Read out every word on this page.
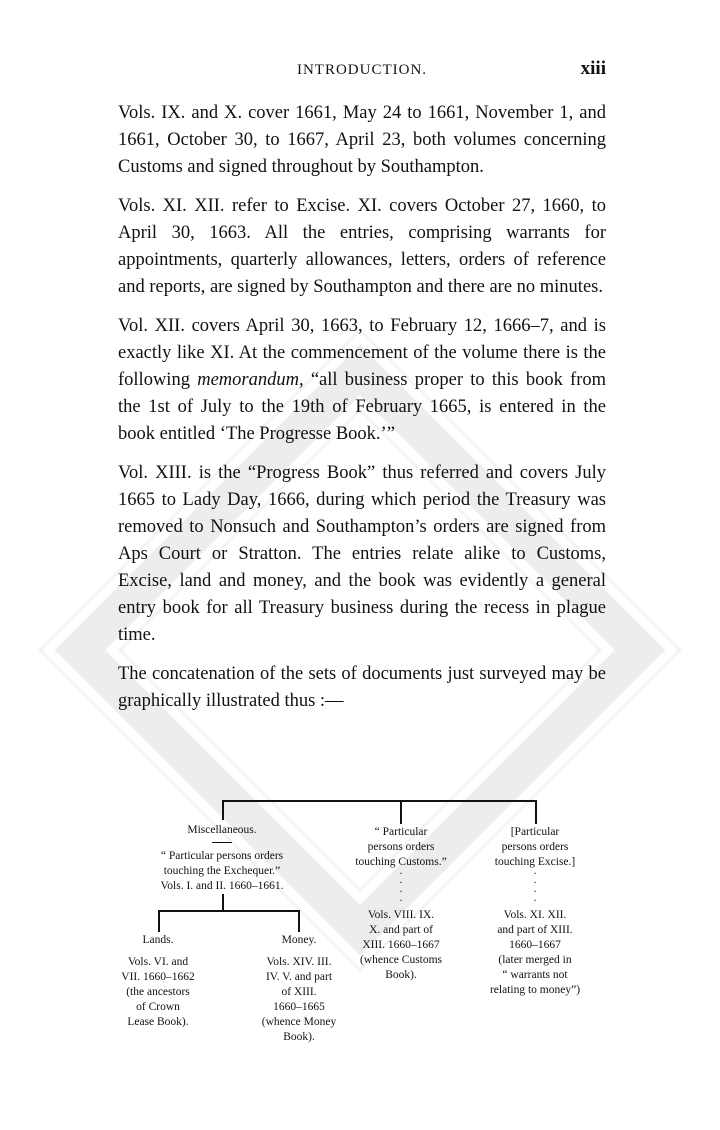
INTRODUCTION.	xiii

Vols. IX. and X. cover 1661, May 24 to 1661, November 1, and 1661, October 30, to 1667, April 23, both volumes concerning Customs and signed throughout by Southampton.

Vols. XI. XII. refer to Excise. XI. covers October 27, 1660, to April 30, 1663. All the entries, comprising warrants for appointments, quarterly allowances, letters, orders of reference and reports, are signed by Southampton and there are no minutes.

Vol. XII. covers April 30, 1663, to February 12, 1666–7, and is exactly like XI. At the commencement of the volume there is the following memorandum, “all business proper to this book from the 1st of July to the 19th of February 1665, is entered in the book entitled ‘The Progresse Book.’”

Vol. XIII. is the “Progress Book” thus referred and covers July 1665 to Lady Day, 1666, during which period the Treasury was removed to Nonsuch and Southampton’s orders are signed from Aps Court or Stratton. The entries relate alike to Customs, Excise, land and money, and the book was evidently a general entry book for all Treasury business during the recess in plague time.

The concatenation of the sets of documents just surveyed may be graphically illustrated thus :—

Miscellaneous.
“ Particular persons orders
touching the Exchequer.”
Vols. I. and II. 1660–1661.
Lands.
Vols. VI. and
VII. 1660–1662
(the ancestors
of Crown
Lease Book).
Money.
Vols. XIV. III.
IV. V. and part
of XIII.
1660–1665
(whence Money
Book).
“ Particular
persons orders
touching Customs.”
·
·
·
·
Vols. VIII. IX.
X. and part of
XIII. 1660–1667
(whence Customs
Book).
[Particular
persons orders
touching Excise.]
·
·
·
·
Vols. XI. XII.
and part of XIII.
1660–1667
(later merged in
“ warrants not
relating to money”)
